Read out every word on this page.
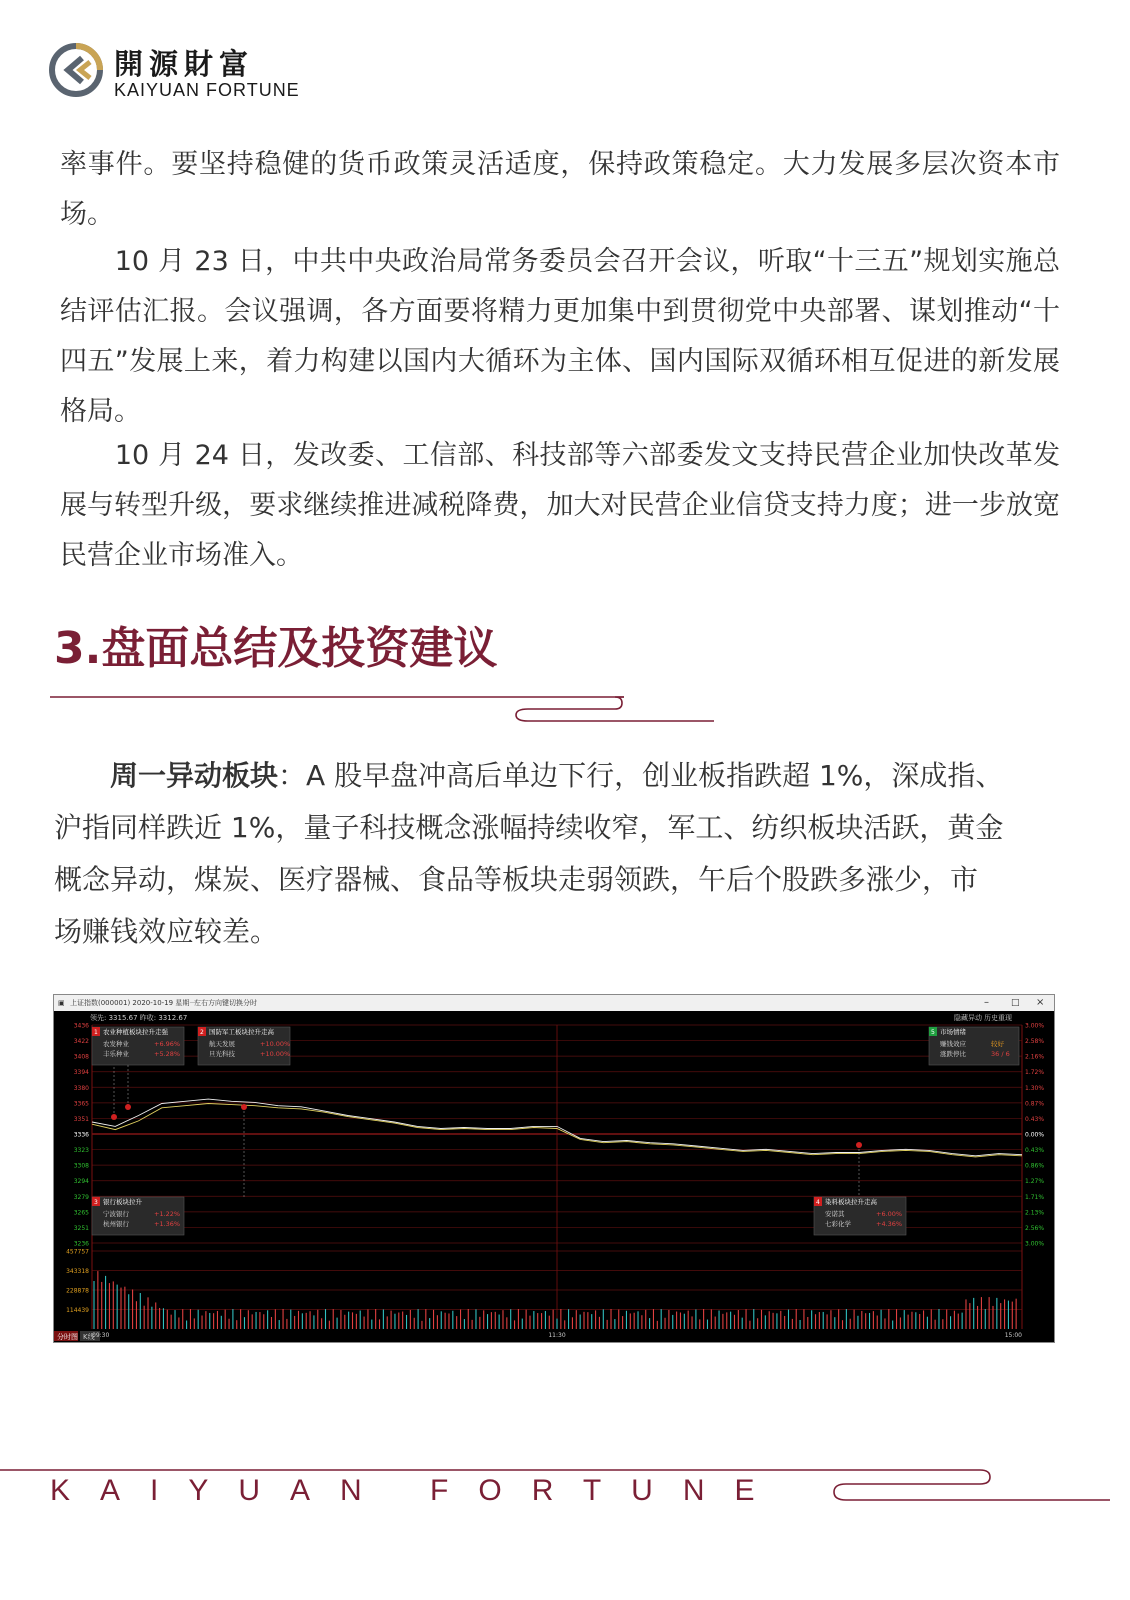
開源財富
KAIYUAN FORTUNE

率事件。要坚持稳健的货币政策灵活适度，保持政策稳定。大力发展多层次资本市场。

　　10 月 23 日，中共中央政治局常务委员会召开会议，听取“十三五”规划实施总结评估汇报。会议强调，各方面要将精力更加集中到贯彻党中央部署、谋划推动“十四五”发展上来，着力构建以国内大循环为主体、国内国际双循环相互促进的新发展格局。

　　10 月 24 日，发改委、工信部、科技部等六部委发文支持民营企业加快改革发展与转型升级，要求继续推进减税降费，加大对民营企业信贷支持力度；进一步放宽民营企业市场准入。

3.盘面总结及投资建议

　　周一异动板块：A 股早盘冲高后单边下行，创业板指跌超 1%，深成指、沪指同样跌近 1%，量子科技概念涨幅持续收窄，军工、纺织板块活跃，黄金概念异动，煤炭、医疗器械、食品等板块走弱领跌，午后个股跌多涨少，市场赚钱效应较差。

▣ 上证指数(000001) 2020-10-19 星期一
左右方向键切换分时	– □ ×
领先: 3315.67 昨收: 3312.67	隐藏异动 历史重现
分时图 K线
3436	3.00%
3422	2.58%
3408	2.16%
3394	1.72%
3380	1.30%
3365	0.87%
3351	0.43%
3336	0.00%
3323	0.43%
3308	0.86%
3294	1.27%
3279	1.71%
3265	2.13%
3251	2.56%
3236	3.00%
457757
343318
228878
114439
09:30	11:30	15:00
1 农业种植板块拉升走强
农发种业	+6.96%
丰乐种业	+5.28%
2 国防军工板块拉升走高
航天发展	+10.00%
旦光科技	+10.00%
3 银行板块拉升
宁波银行	+1.22%
杭州银行	+1.36%
4 染料板块拉升走高
安诺其	+6.00%
七彩化学	+4.36%
5 市场情绪
赚钱效应	较好
涨跌停比	36 / 6
KAIYUAN FORTUNE
